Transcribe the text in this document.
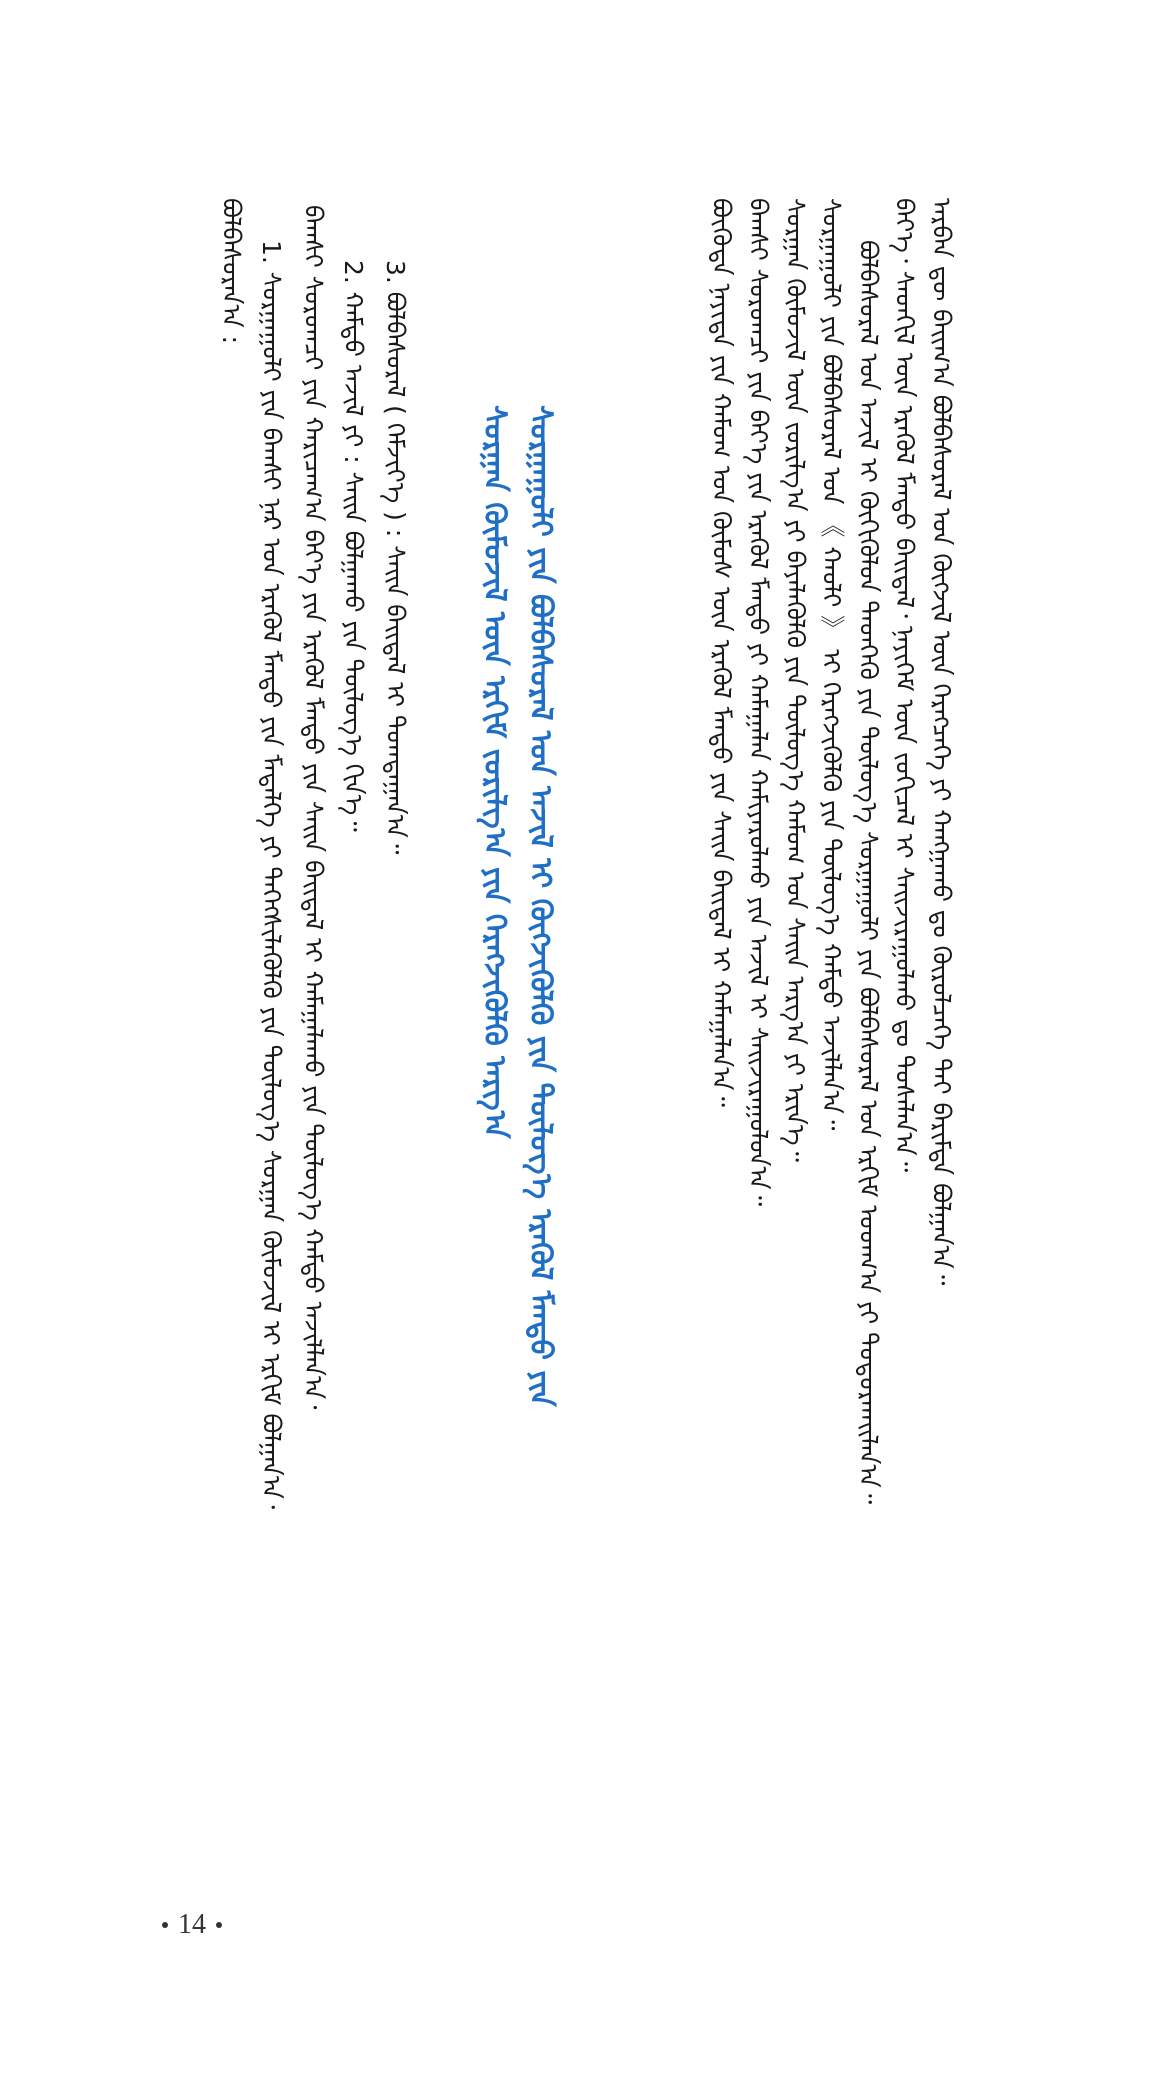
ᠠᠷᠪᠠᠨ ᠳᠦ ᠪᠠᠢᠭ᠎ᠠ ᠪᠣᠯᠪᠠᠰᠤᠷᠠᠯ ᠤᠨ ᠬᠥᠭᠵᠢᠯ ᠦᠨ ᠬᠡᠷᠡᠭᠴᠡᠭᠡ ᠶᠢ ᠬᠠᠩᠭᠠᠬᠤ ᠳᠤ ᠬᠦᠷᠦᠯᠴᠡᠭᠡ ᠲᠠᠢ ᠪᠠᠷᠢᠮᠲᠠ ᠪᠣᠯᠭᠠᠨ᠎ᠠ᠃
ᠪᠡᠶ᠎ᠡ᠂ ᠰᠡᠳᠬᠢᠯ ᠦᠨ ᠡᠷᠡᠭᠦᠯ ᠮᠡᠨᠳᠦ ᠪᠠᠢᠳᠠᠯ᠂ ᠨᠡᠶᠢᠭᠡᠮ ᠦᠨ ᠵᠣᠬᠢᠴᠠᠯ ᠢ ᠰᠠᠢᠵᠢᠷᠠᠭᠤᠯᠬᠤ ᠳᠤ ᠲᠤᠰᠠᠯᠠᠨ᠎ᠠ᠃
ᠪᠣᠯᠪᠠᠰᠤᠷᠠᠯ ᠤᠨ ᠠᠵᠢᠯ ᠢ ᠬᠥᠬᠢᠭᠦᠯᠦᠨ ᠳᠡᠳᠬᠡᠬᠦ ᠶᠢᠨ ᠲᠥᠯᠥᠭ᠎ᠡ ᠰᠤᠷᠭᠠᠭᠤᠯᠢ ᠶᠢᠨ ᠪᠣᠯᠪᠠᠰᠤᠷᠠᠯ ᠤᠨ ᠡᠷᠬᠢᠮ ᠤᠳᠬ᠎ᠠ ᠶᠢ ᠲᠣᠳᠤᠷᠬᠠᠢᠯᠠᠨ᠎ᠠ᠃
ᠰᠤᠷᠭᠠᠭᠤᠯᠢ ᠶᠢᠨ ᠪᠣᠯᠪᠠᠰᠤᠷᠠᠯ ᠤᠨ 《 ᠬᠠᠤᠯᠢ 》 ᠢ ᠬᠡᠷᠡᠭᠵᠢᠭᠦᠯᠬᠦ ᠶᠢᠨ ᠲᠥᠯᠥᠭ᠎ᠡ ᠬᠠᠮᠲᠤ ᠠᠵᠢᠯᠯᠠᠨ᠎ᠠ᠃
ᠰᠤᠷᠭᠠᠨ ᠬᠦᠮᠦᠵᠢᠯ ᠦᠨ ᠵᠣᠷᠢᠯᠭ᠎ᠠ ᠶᠢ ᠪᠡᠶᠡᠯᠡᠭᠦᠯᠬᠦ ᠶᠢᠨ ᠲᠥᠯᠥᠭ᠎ᠡ ᠬᠠᠮᠤᠭ ᠤᠨ ᠰᠠᠢᠨ ᠠᠷᠭ᠎ᠠ ᠶᠢ ᠡᠷᠢᠨ᠎ᠡ᠃
ᠪᠠᠭᠰᠢ ᠰᠤᠷᠤᠭᠴᠢ ᠶᠢᠨ ᠪᠡᠶ᠎ᠡ ᠶᠢᠨ ᠡᠷᠡᠭᠦᠯ ᠮᠡᠨᠳᠦ ᠶᠢ ᠬᠠᠮᠠᠭᠠᠯᠠᠨ ᠬᠠᠮᠢᠶᠠᠷᠤᠯᠬᠤ ᠶᠢᠨ ᠠᠵᠢᠯ ᠢ ᠰᠠᠢᠵᠢᠷᠠᠭᠤᠯᠤᠨ᠎ᠠ᠃
ᠪᠦᠭᠦᠳᠡ ᠨᠡᠶᠢᠲᠡ ᠶᠢᠨ ᠬᠠᠮᠤᠭ ᠤᠨ ᠬᠦᠮᠦᠰ ᠦᠨ ᠡᠷᠡᠭᠦᠯ ᠮᠡᠨᠳᠦ ᠶᠢᠨ ᠰᠠᠢᠨ ᠪᠠᠢᠳᠠᠯ ᠢ ᠬᠠᠮᠠᠭᠠᠯᠠᠨ᠎ᠠ᠃
ᠰᠤᠷᠭᠠᠭᠤᠯᠢ ᠶᠢᠨ ᠪᠣᠯᠪᠠᠰᠤᠷᠠᠯ ᠤᠨ ᠠᠵᠢᠯ ᠢ ᠬᠥᠭᠵᠢᠭᠦᠯᠬᠦ ᠶᠢᠨ ᠲᠥᠯᠥᠭ᠎ᠡ ᠡᠷᠡᠭᠦᠯ ᠮᠡᠨᠳᠦ ᠶᠢᠨ
ᠰᠤᠷᠭᠠᠨ ᠬᠦᠮᠦᠵᠢᠯ ᠦᠨ ᠡᠷᠬᠢᠮ ᠵᠣᠷᠢᠯᠭ᠎ᠠ ᠶᠢᠨ ᠬᠡᠷᠡᠭᠵᠢᠭᠦᠯᠬᠦ ᠠᠷᠭ᠎ᠠ
3. ᠪᠣᠯᠪᠠᠰᠤᠷᠠᠯ ( ᠬᠡᠮᠵᠢᠶ᠎ᠡ ) : ᠰᠠᠢᠨ ᠪᠠᠢᠳᠠᠯ ᠢ ᠲᠣᠭᠲᠠᠭᠠᠨ᠎ᠠ᠃
2. ᠬᠠᠮᠲᠤ ᠠᠵᠢᠯ ᠶᠢ : ᠰᠠᠢᠨ ᠪᠣᠯᠭᠠᠬᠤ ᠶᠢᠨ ᠲᠥᠯᠥᠭ᠎ᠡ ᠬᠢᠨ᠎ᠡ᠃
ᠪᠠᠭᠰᠢ ᠰᠤᠷᠤᠭᠴᠢ ᠶᠢᠨ ᠬᠠᠷᠢᠴᠠᠭ᠎ᠠ ᠪᠡᠶ᠎ᠡ ᠶᠢᠨ ᠡᠷᠡᠭᠦᠯ ᠮᠡᠨᠳᠦ ᠶᠢᠨ ᠰᠠᠢᠨ ᠪᠠᠢᠳᠠᠯ ᠢ ᠬᠠᠮᠠᠭᠠᠯᠠᠬᠤ ᠶᠢᠨ ᠲᠥᠯᠥᠭ᠎ᠡ ᠬᠠᠮᠲᠤ ᠠᠵᠢᠯᠯᠠᠨ᠎ᠠ᠂
1. ᠰᠤᠷᠭᠠᠭᠤᠯᠢ ᠶᠢᠨ ᠪᠠᠭᠰᠢ ᠨᠠᠷ ᠤᠨ ᠡᠷᠡᠭᠦᠯ ᠮᠡᠨᠳᠦ ᠶᠢᠨ ᠮᠡᠳᠡᠯᠭᠡ ᠶᠢ ᠳᠡᠭᠡᠭᠰᠢᠯᠡᠭᠦᠯᠬᠦ ᠶᠢᠨ ᠲᠥᠯᠥᠭ᠎ᠡ ᠰᠤᠷᠭᠠᠨ ᠬᠦᠮᠦᠵᠢᠯ ᠢ ᠡᠷᠬᠢᠮ ᠪᠣᠯᠭᠠᠨ᠎ᠠ᠂
ᠪᠣᠯᠪᠠᠰᠤᠷᠠᠨ᠎ᠠ :
14
